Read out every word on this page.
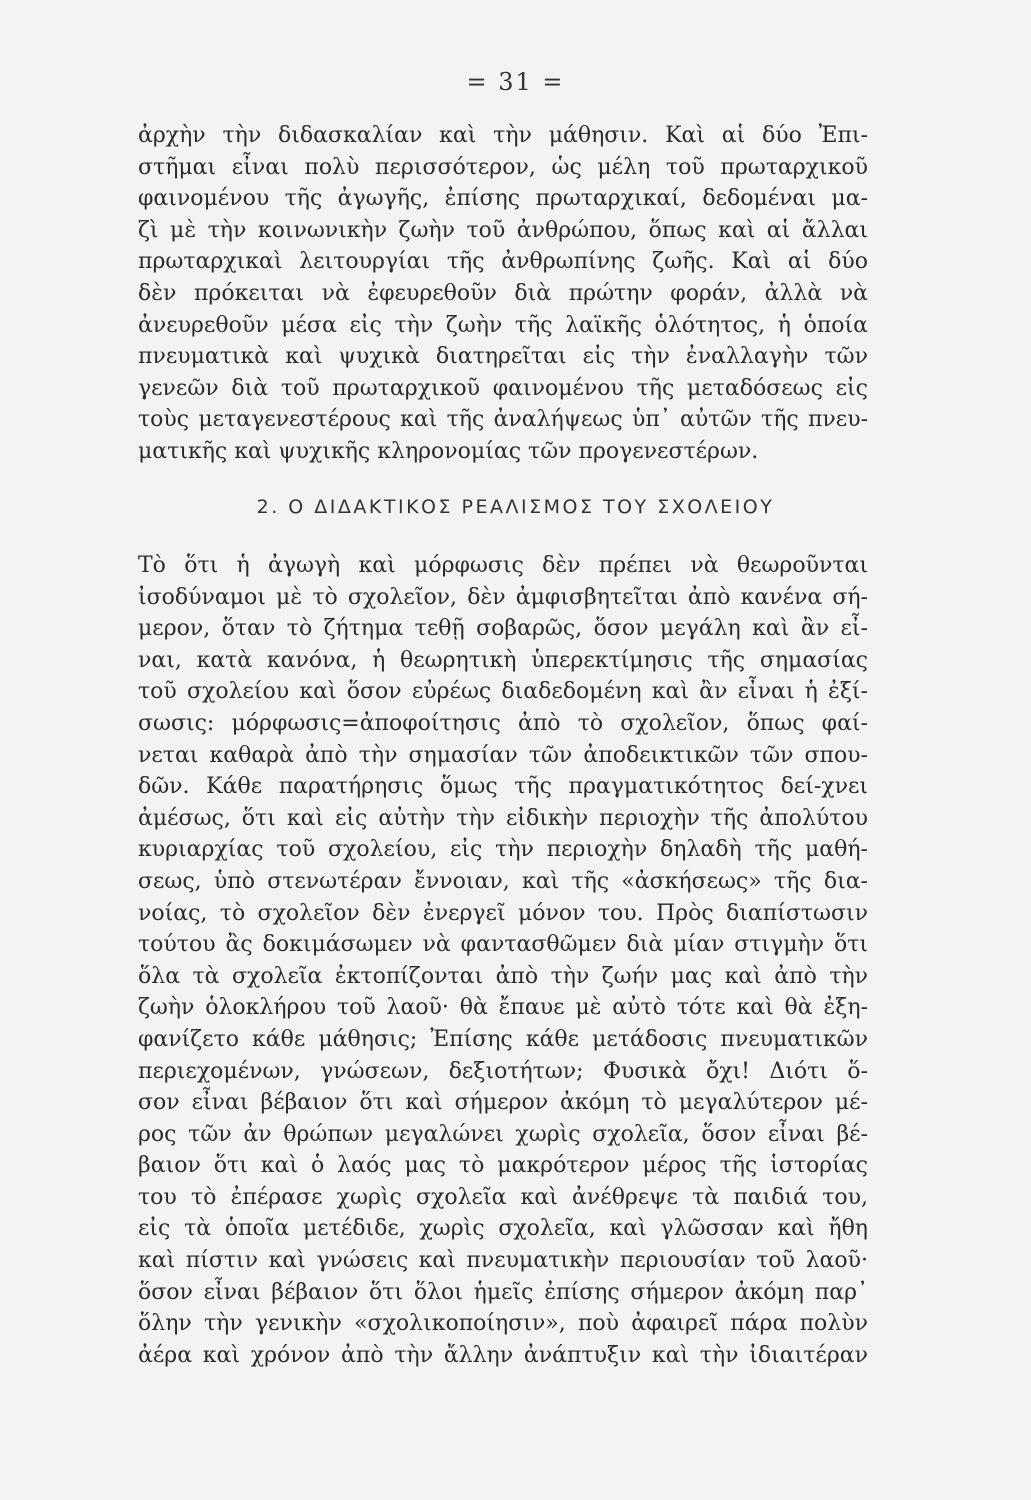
= 31 =
ἀρχὴν τὴν διδασκαλίαν καὶ τὴν μάθησιν. Καὶ αἱ δύο Ἐπι-
στῆμαι εἶναι πολὺ περισσότερον, ὡς μέλη τοῦ πρωταρχικοῦ
φαινομένου τῆς ἀγωγῆς, ἐπίσης πρωταρχικαί, δεδομέναι μα-
ζὶ μὲ τὴν κοινωνικὴν ζωὴν τοῦ ἀνθρώπου, ὅπως καὶ αἱ ἄλλαι
πρωταρχικαὶ λειτουργίαι τῆς ἀνθρωπίνης ζωῆς. Καὶ αἱ δύο
δὲν πρόκειται νὰ ἐφευρεθοῦν διὰ πρώτην φοράν, ἀλλὰ νὰ
ἀνευρεθοῦν μέσα εἰς τὴν ζωὴν τῆς λαϊκῆς ὁλότητος, ἡ ὁποία
πνευματικὰ καὶ ψυχικὰ διατηρεῖται εἰς τὴν ἐναλλαγὴν τῶν
γενεῶν διὰ τοῦ πρωταρχικοῦ φαινομένου τῆς μεταδόσεως εἰς
τοὺς μεταγενεστέρους καὶ τῆς ἀναλήψεως ὑπ᾿ αὐτῶν τῆς πνευ-
ματικῆς καὶ ψυχικῆς κληρονομίας τῶν προγενεστέρων.
2. Ο ΔΙΔΑΚΤΙΚΟΣ ΡΕΑΛΙΣΜΟΣ ΤΟΥ ΣΧΟΛΕΙΟΥ
Τὸ ὅτι ἡ ἀγωγὴ καὶ μόρφωσις δὲν πρέπει νὰ θεωροῦνται
ἰσοδύναμοι μὲ τὸ σχολεῖον, δὲν ἀμφισβητεῖται ἀπὸ κανένα σή-
μερον, ὅταν τὸ ζήτημα τεθῇ σοβαρῶς, ὅσον μεγάλη καὶ ἂν εἶ-
ναι, κατὰ κανόνα, ἡ θεωρητικὴ ὑπερεκτίμησις τῆς σημασίας
τοῦ σχολείου καὶ ὅσον εὐρέως διαδεδομένη καὶ ἂν εἶναι ἡ ἐξί-
σωσις: μόρφωσις=ἀποφοίτησις ἀπὸ τὸ σχολεῖον, ὅπως φαί-
νεται καθαρὰ ἀπὸ τὴν σημασίαν τῶν ἀποδεικτικῶν τῶν σπου-
δῶν. Κάθε παρατήρησις ὅμως τῆς πραγματικότητος δεί-χνει
ἀμέσως, ὅτι καὶ εἰς αὐτὴν τὴν εἰδικὴν περιοχὴν τῆς ἀπολύτου
κυριαρχίας τοῦ σχολείου, εἰς τὴν περιοχὴν δηλαδὴ τῆς μαθή-
σεως, ὑπὸ στενωτέραν ἔννοιαν, καὶ τῆς «ἀσκήσεως» τῆς δια-
νοίας, τὸ σχολεῖον δὲν ἐνεργεῖ μόνον του. Πρὸς διαπίστωσιν
τούτου ἂς δοκιμάσωμεν νὰ φαντασθῶμεν διὰ μίαν στιγμὴν ὅτι
ὅλα τὰ σχολεῖα ἐκτοπίζονται ἀπὸ τὴν ζωήν μας καὶ ἀπὸ τὴν
ζωὴν ὁλοκλήρου τοῦ λαοῦ· θὰ ἔπαυε μὲ αὐτὸ τότε καὶ θὰ ἐξη-
φανίζετο κάθε μάθησις; Ἐπίσης κάθε μετάδοσις πνευματικῶν
περιεχομένων, γνώσεων, δεξιοτήτων; Φυσικὰ ὄχι! Διότι ὅ-
σον εἶναι βέβαιον ὅτι καὶ σήμερον ἀκόμη τὸ μεγαλύτερον μέ-
ρος τῶν ἀν θρώπων μεγαλώνει χωρὶς σχολεῖα, ὅσον εἶναι βέ-
βαιον ὅτι καὶ ὁ λαός μας τὸ μακρότερον μέρος τῆς ἱστορίας
του τὸ ἐπέρασε χωρὶς σχολεῖα καὶ ἀνέθρεψε τὰ παιδιά του,
εἰς τὰ ὁποῖα μετέδιδε, χωρὶς σχολεῖα, καὶ γλῶσσαν καὶ ἤθη
καὶ πίστιν καὶ γνώσεις καὶ πνευματικὴν περιουσίαν τοῦ λαοῦ·
ὅσον εἶναι βέβαιον ὅτι ὅλοι ἡμεῖς ἐπίσης σήμερον ἀκόμη παρ᾿
ὅλην τὴν γενικὴν «σχολικοποίησιν», ποὺ ἀφαιρεῖ πάρα πολὺν
ἀέρα καὶ χρόνον ἀπὸ τὴν ἄλλην ἀνάπτυξιν καὶ τὴν ἰδιαιτέραν
